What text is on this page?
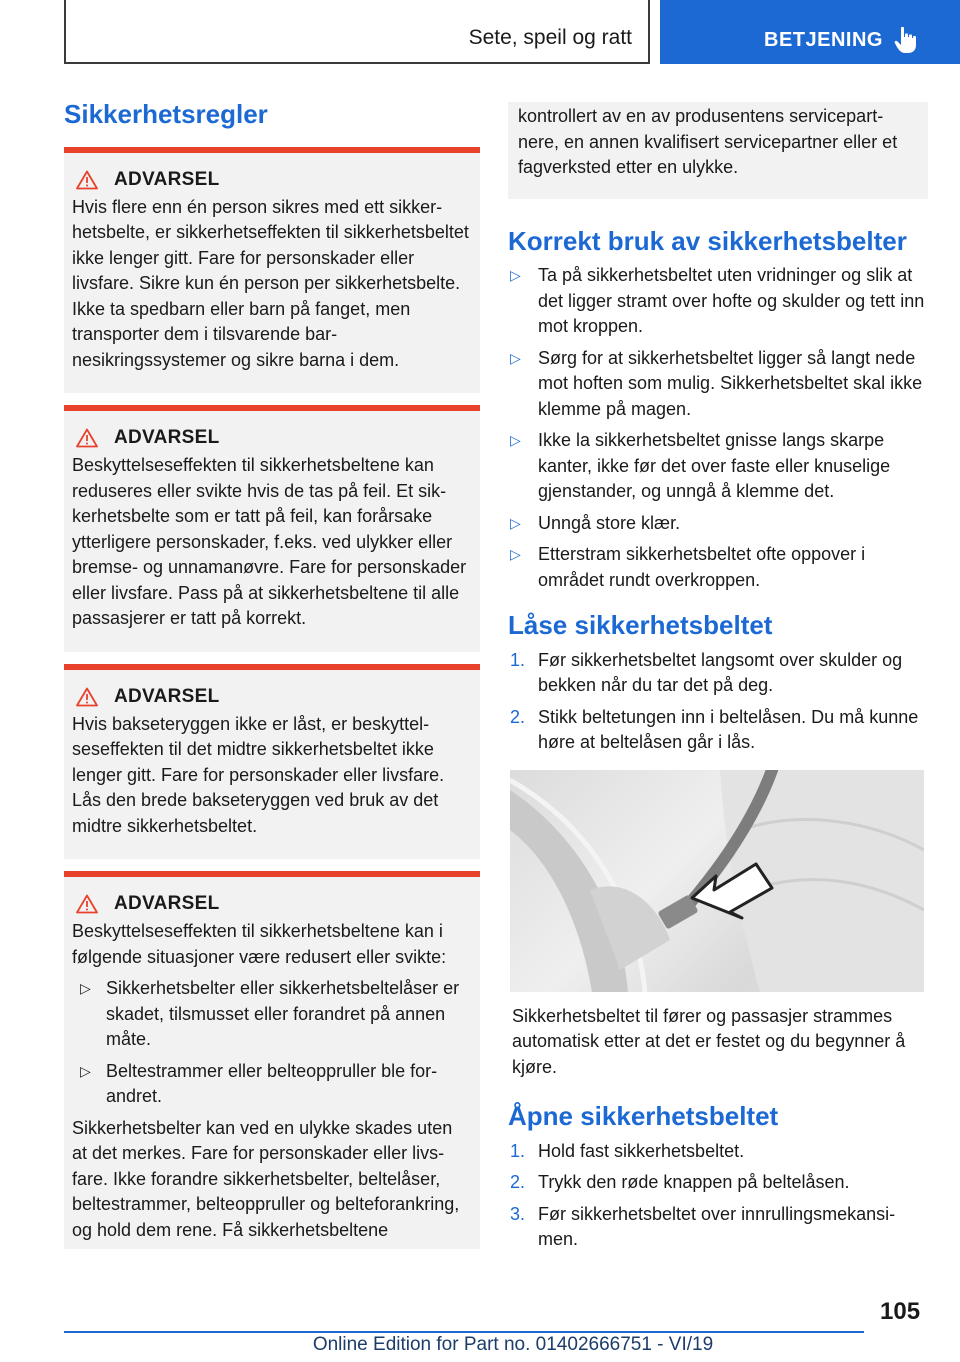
Sete, speil og ratt	BETJENING
Sikkerhetsregler
ADVARSEL

Hvis flere enn én person sikres med ett sikkerhetsbelte, er sikkerhetseffekten til sikkerhetsbeltet ikke lenger gitt. Fare for personskader eller livsfare. Sikre kun én person per sikkerhetsbelte. Ikke ta spedbarn eller barn på fanget, men transporter dem i tilsvarende barnesikringssystemer og sikre barna i dem.

ADVARSEL

Beskyttelseseffekten til sikkerhetsbeltene kan reduseres eller svikte hvis de tas på feil. Et sikkerhetsbelte som er tatt på feil, kan forårsake ytterligere personskader, f.eks. ved ulykker eller bremse- og unnamanøvre. Fare for personskader eller livsfare. Pass på at sikkerhetsbeltene til alle passasjerer er tatt på korrekt.

ADVARSEL

Hvis bakseteryggen ikke er låst, er beskyttelseseffekten til det midtre sikkerhetsbeltet ikke lenger gitt. Fare for personskader eller livsfare. Lås den brede bakseteryggen ved bruk av det midtre sikkerhetsbeltet.

ADVARSEL

Beskyttelseseffekten til sikkerhetsbeltene kan i følgende situasjoner være redusert eller svikte:

▷ Sikkerhetsbelter eller sikkerhetsbeltelåser er skadet, tilsmusset eller forandret på annen måte.
▷ Beltestrammer eller belteoppruller ble forandret.

Sikkerhetsbelter kan ved en ulykke skades uten at det merkes. Fare for personskader eller livsfare. Ikke forandre sikkerhetsbelter, beltelåser, beltestrammer, belteoppruller og belteforankring, og hold dem rene. Få sikkerhetsbeltene

kontrollert av en av produsentens servicepartnere, en annen kvalifisert servicepartner eller et fagverksted etter en ulykke.
Korrekt bruk av sikkerhetsbelter
▷ Ta på sikkerhetsbeltet uten vridninger og slik at det ligger stramt over hofte og skulder og tett inn mot kroppen.
▷ Sørg for at sikkerhetsbeltet ligger så langt nede mot hoften som mulig. Sikkerhetsbeltet skal ikke klemme på magen.
▷ Ikke la sikkerhetsbeltet gnisse langs skarpe kanter, ikke før det over faste eller knuselige gjenstander, og unngå å klemme det.
▷ Unngå store klær.
▷ Etterstram sikkerhetsbeltet ofte oppover i området rundt overkroppen.
Låse sikkerhetsbeltet
1. Før sikkerhetsbeltet langsomt over skulder og bekken når du tar det på deg.
2. Stikk beltetungen inn i beltelåsen. Du må kunne høre at beltelåsen går i lås.

Sikkerhetsbeltet til fører og passasjer strammes automatisk etter at det er festet og du begynner å kjøre.

Åpne sikkerhetsbeltet
1. Hold fast sikkerhetsbeltet.
2. Trykk den røde knappen på beltelåsen.
3. Før sikkerhetsbeltet over innrullingsmekansimen.
105
Online Edition for Part no. 01402666751 - VI/19
